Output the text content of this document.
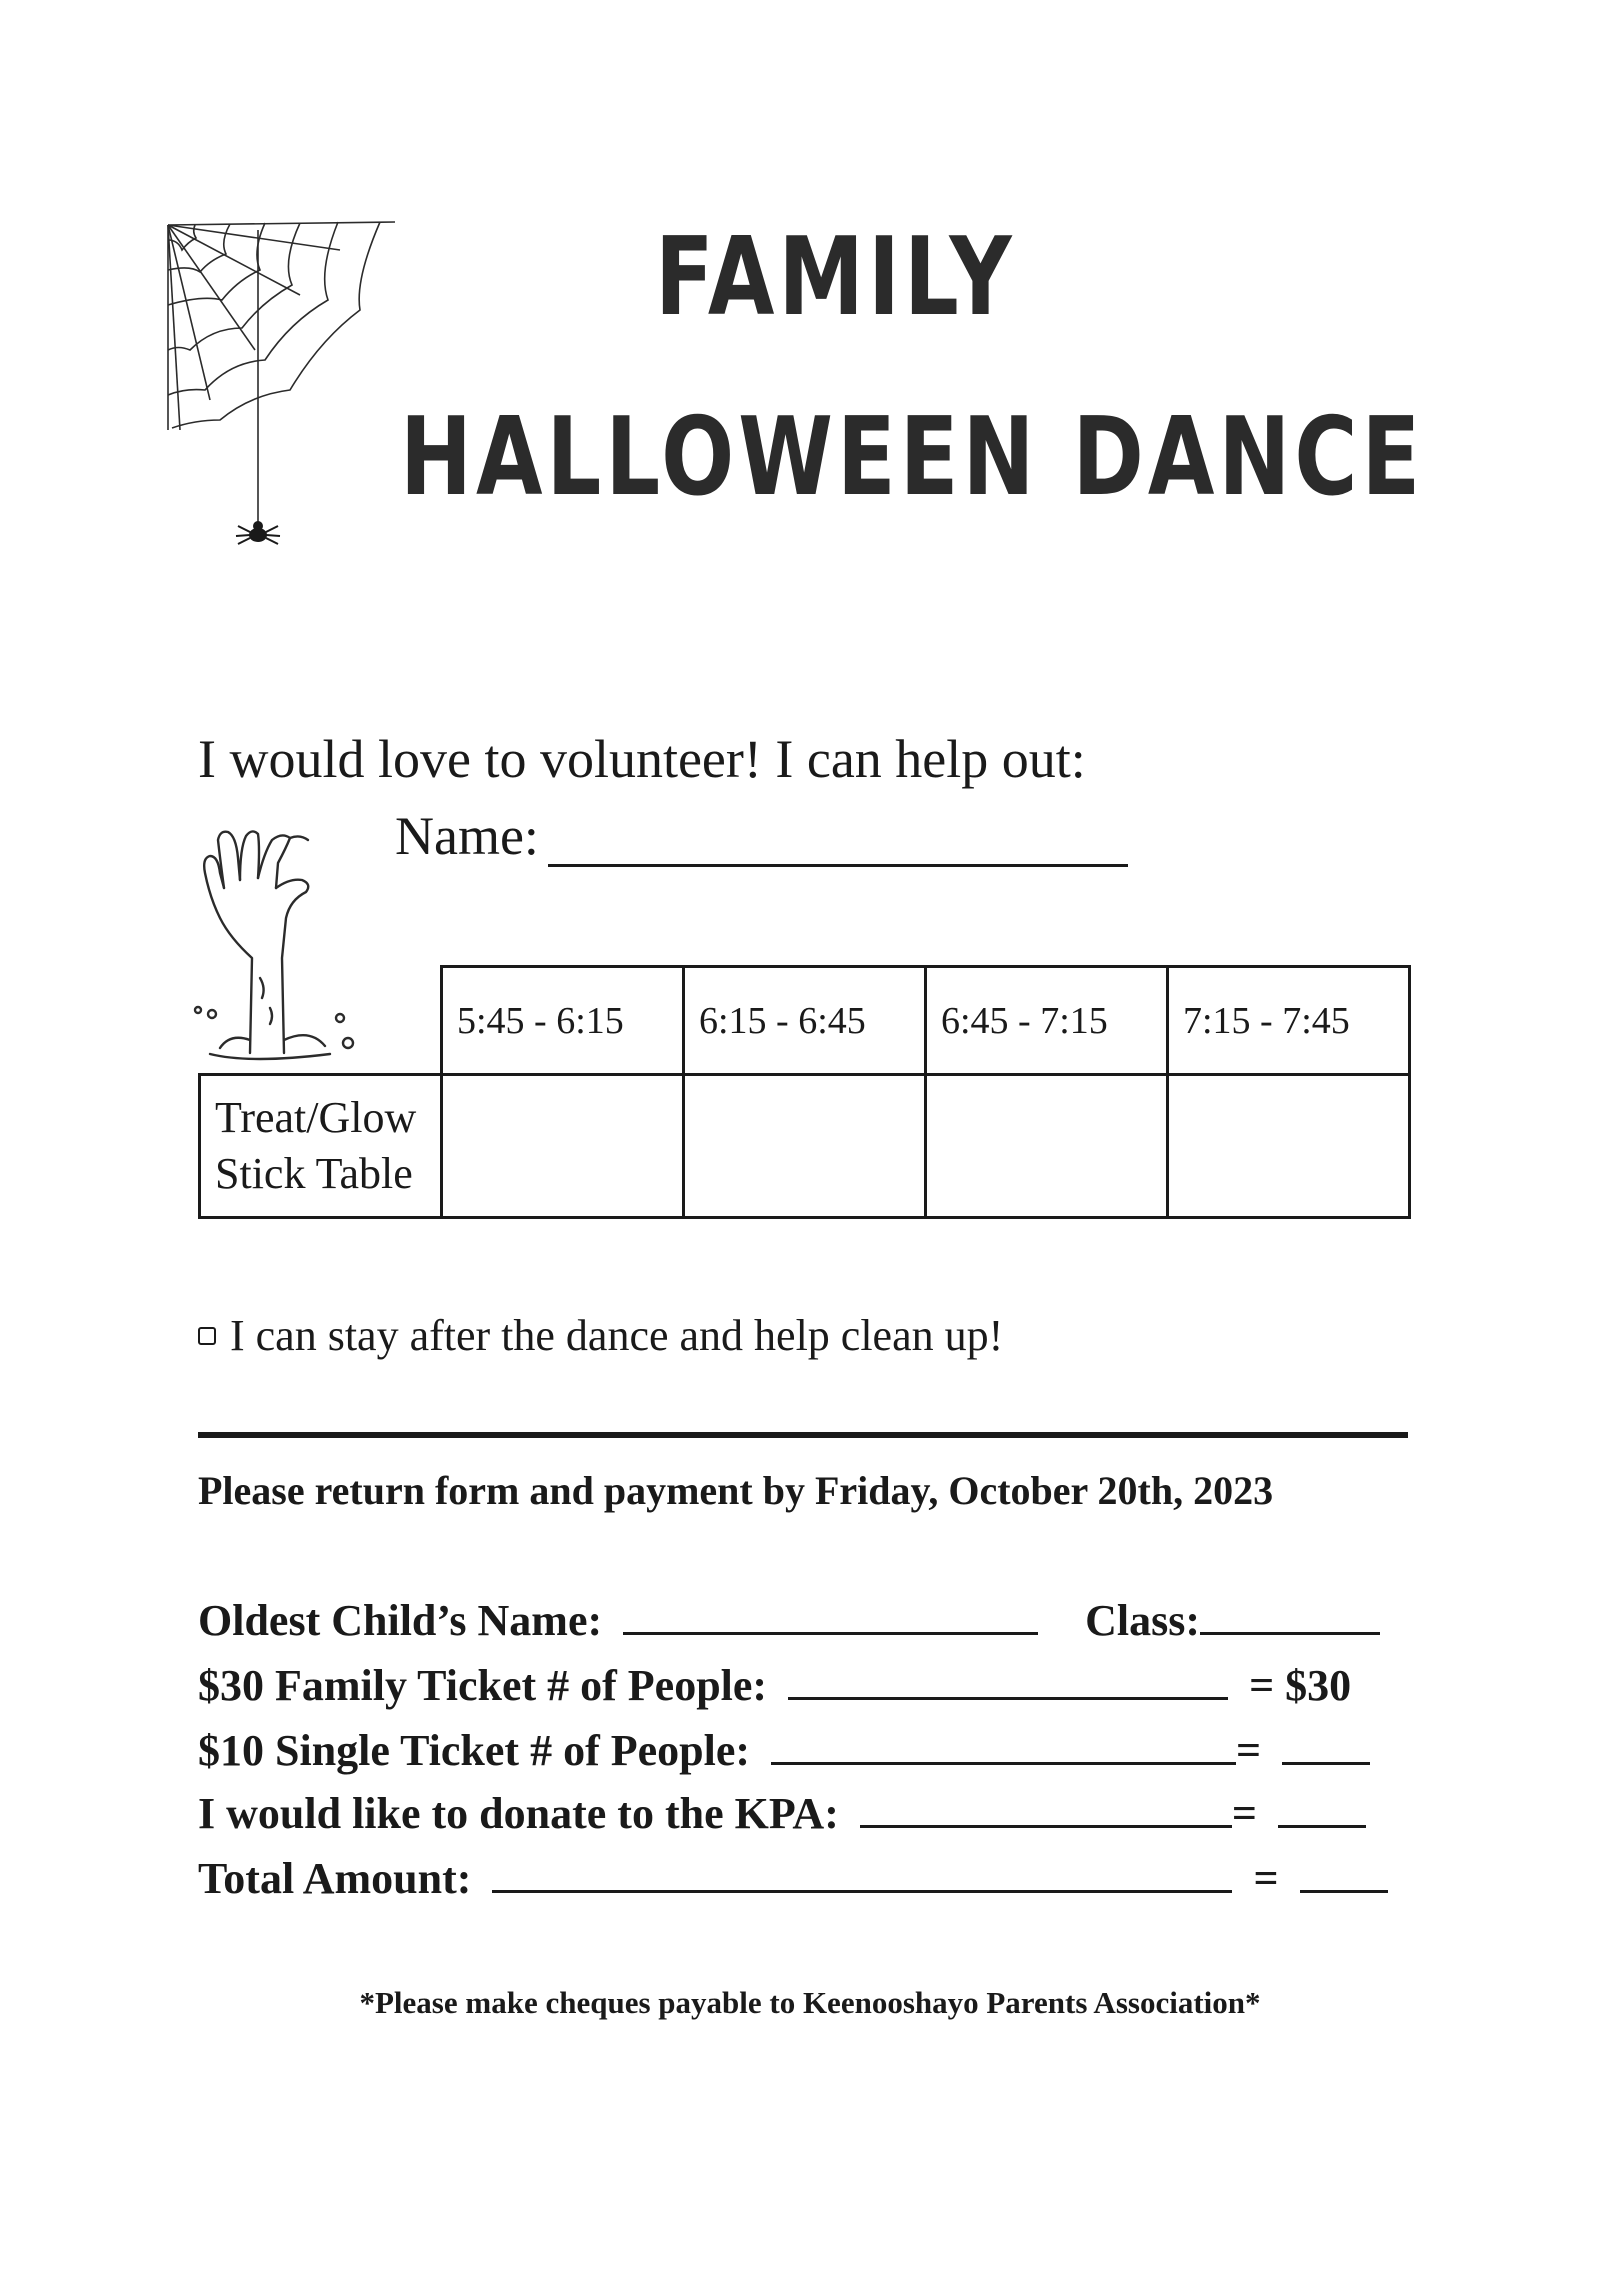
FAMILY
HALLOWEEN DANCE
I would love to volunteer! I can help out:
Name:
	5:45 - 6:15	6:15 - 6:45	6:45 - 7:15	7:15 - 7:45

Treat/Glow
Stick Table				

I can stay after the dance and help clean up!
Please return form and payment by Friday, October 20th, 2023
Oldest Child’s Name:	Class:
$30 Family Ticket # of People:	= $30
$10 Single Ticket # of People:	=
I would like to donate to the KPA:	=
Total Amount:	=
*Please make cheques payable to Keenooshayo Parents Association*
